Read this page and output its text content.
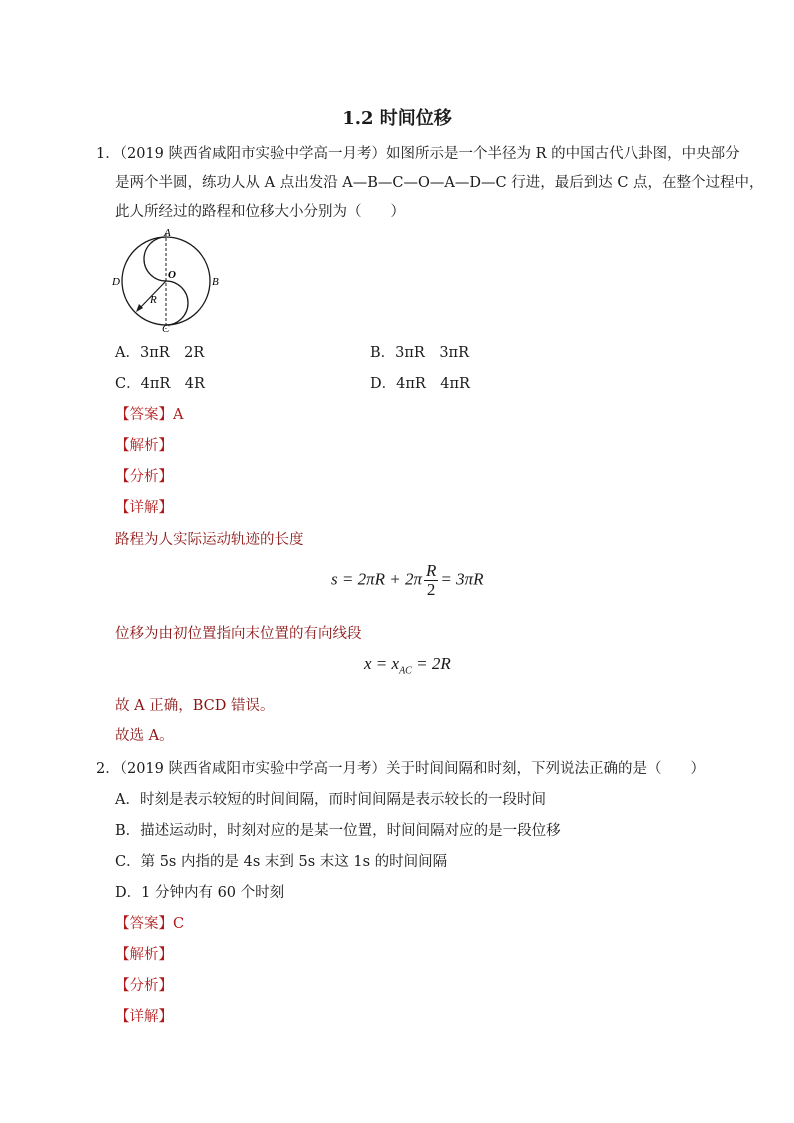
1.2 时间位移
1．（2019 陕西省咸阳市实验中学高一月考）如图所示是一个半径为 R 的中国古代八卦图，中央部分
是两个半圆，练功人从 A 点出发沿 A—B—C—O—A—D—C 行进，最后到达 C 点，在整个过程中，
此人所经过的路程和位移大小分别为（　　）
A
B
C
D
O
R
A．3πR　2R	B．3πR　3πR
C．4πR　4R	D．4πR　4πR
【答案】A
【解析】
【分析】
【详解】
路程为人实际运动轨迹的长度
$s = 2\pi R + 2\pi \frac{R}{2} = 3\pi R$
位移为由初位置指向末位置的有向线段
$x = x_{AC} = 2R$
故 A 正确，BCD 错误。
故选 A。
2．（2019 陕西省咸阳市实验中学高一月考）关于时间间隔和时刻，下列说法正确的是（　　）
A．时刻是表示较短的时间间隔，而时间间隔是表示较长的一段时间
B．描述运动时，时刻对应的是某一位置，时间间隔对应的是一段位移
C．第 5s 内指的是 4s 末到 5s 末这 1s 的时间间隔
D．1 分钟内有 60 个时刻
【答案】C
【解析】
【分析】
【详解】
